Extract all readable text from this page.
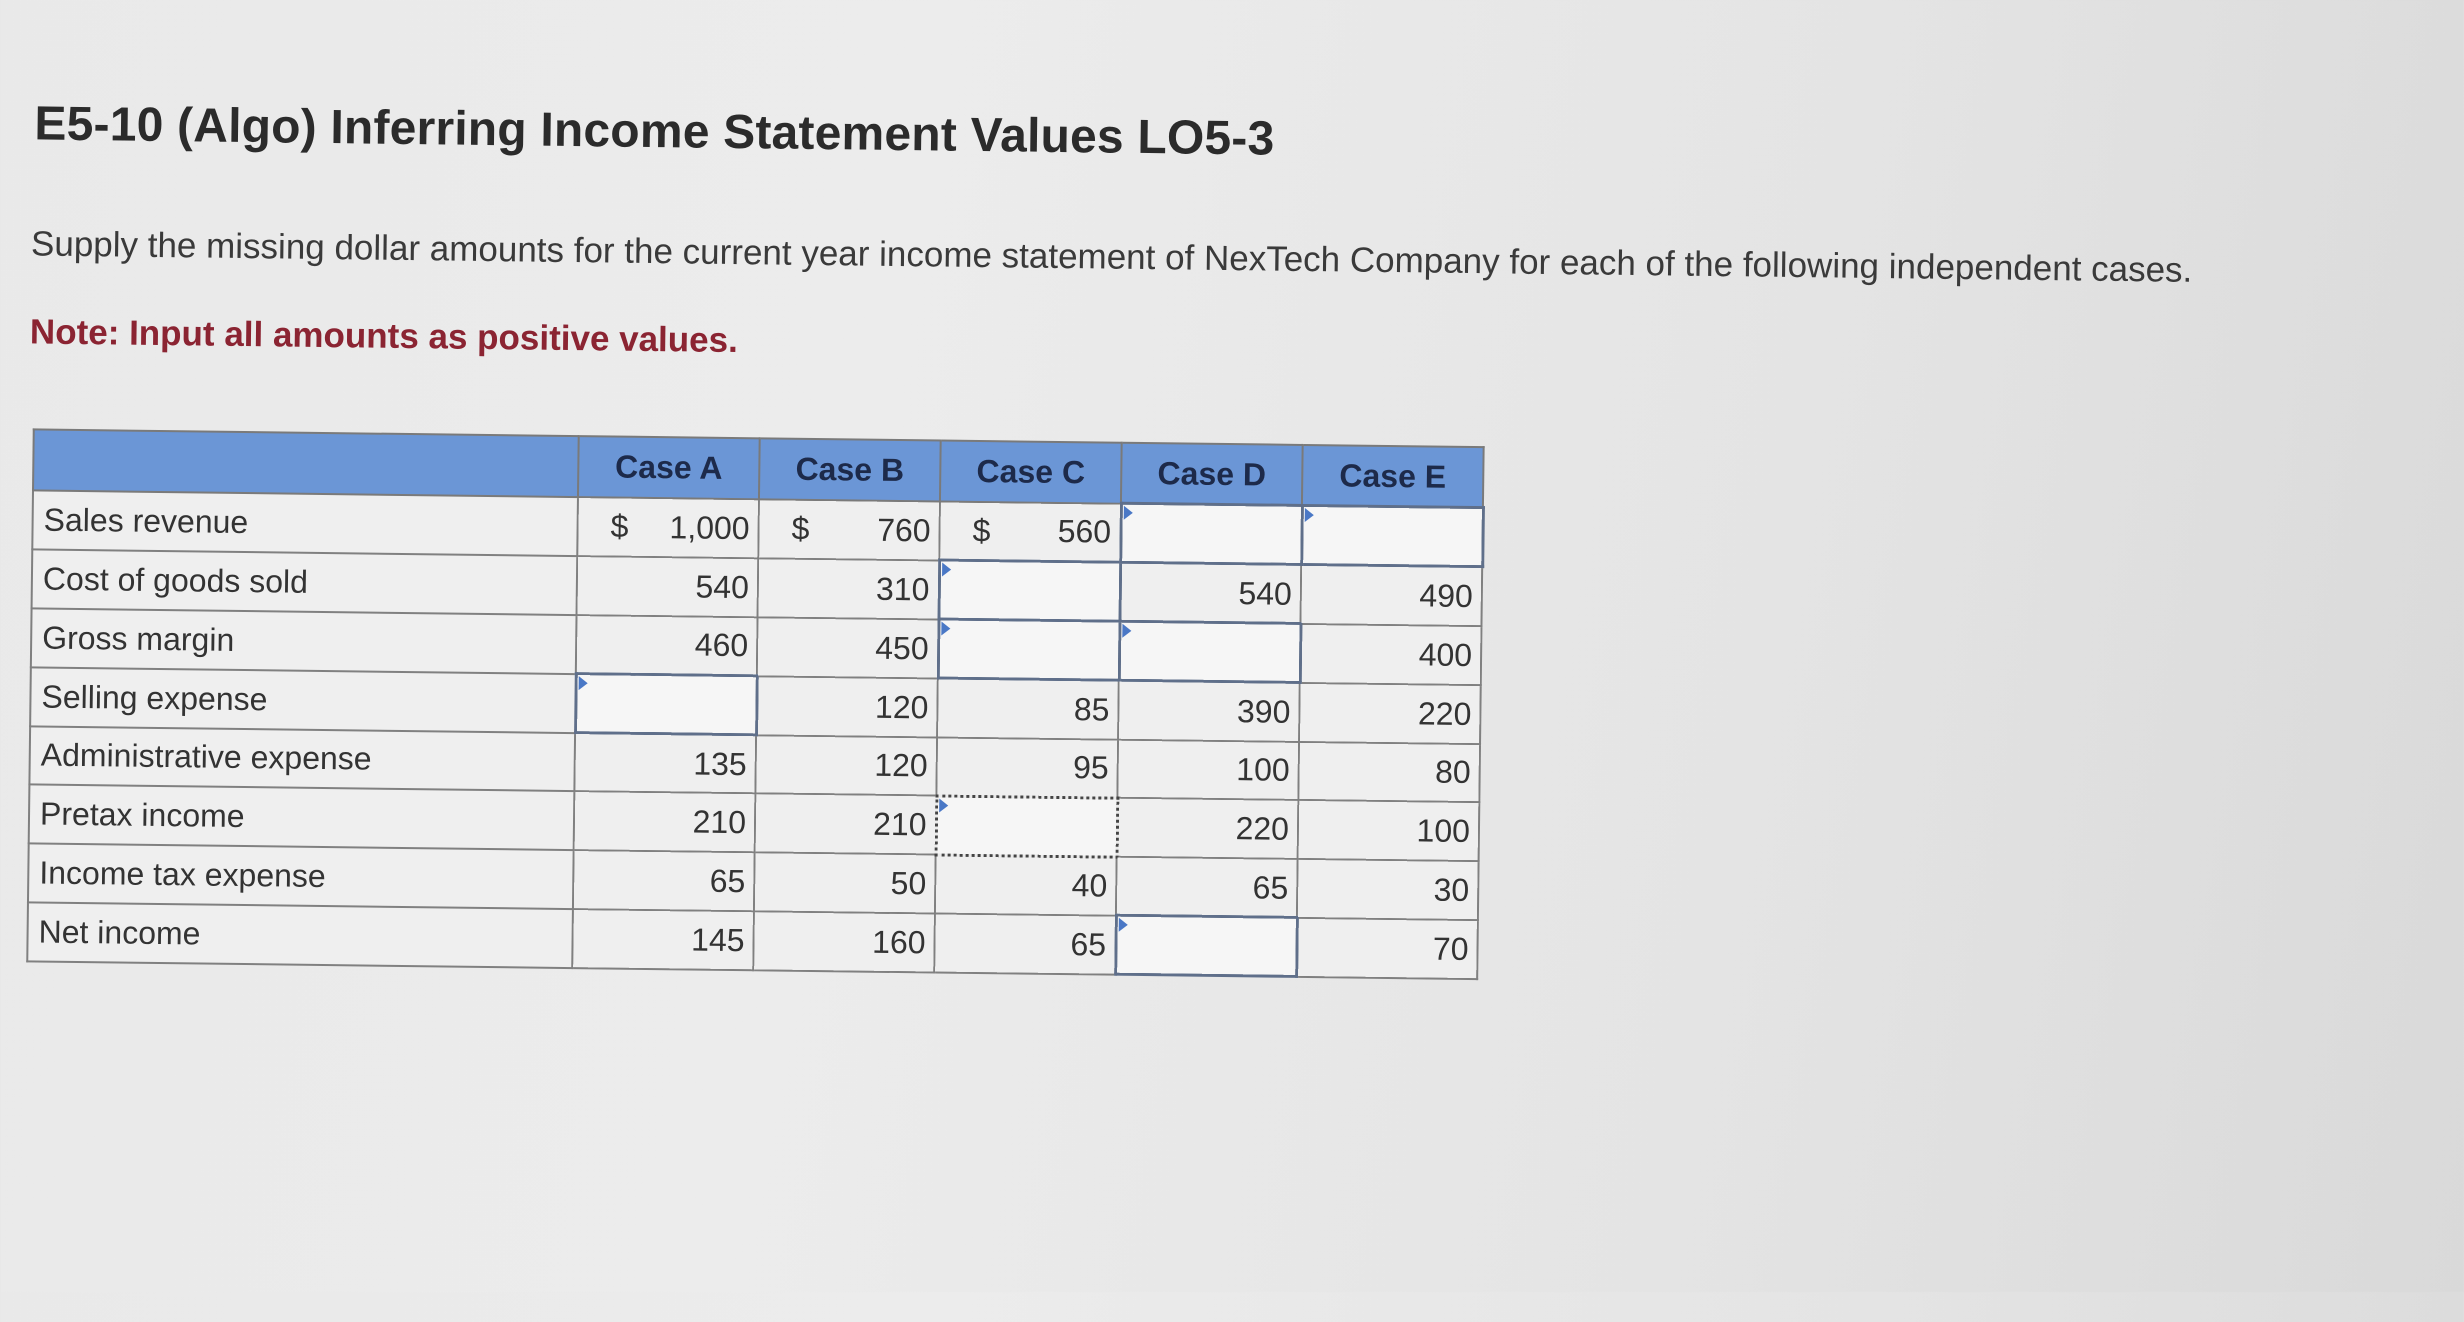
E5-10 (Algo) Inferring Income Statement Values LO5-3
Supply the missing dollar amounts for the current year income statement of NexTech Company for each of the following independent cases.
Note: Input all amounts as positive values.
	Case A	Case B	Case C	Case D	Case E
Sales revenue	$ 1,000	$ 760	$ 560	

Cost of goods sold	540	310		540	490
Gross margin	460	450			400
Selling expense		120	85	390	220
Administrative expense	135	120	95	100	80
Pretax income	210	210		220	100
Income tax expense	65	50	40	65	30
Net income	145	160	65		70
